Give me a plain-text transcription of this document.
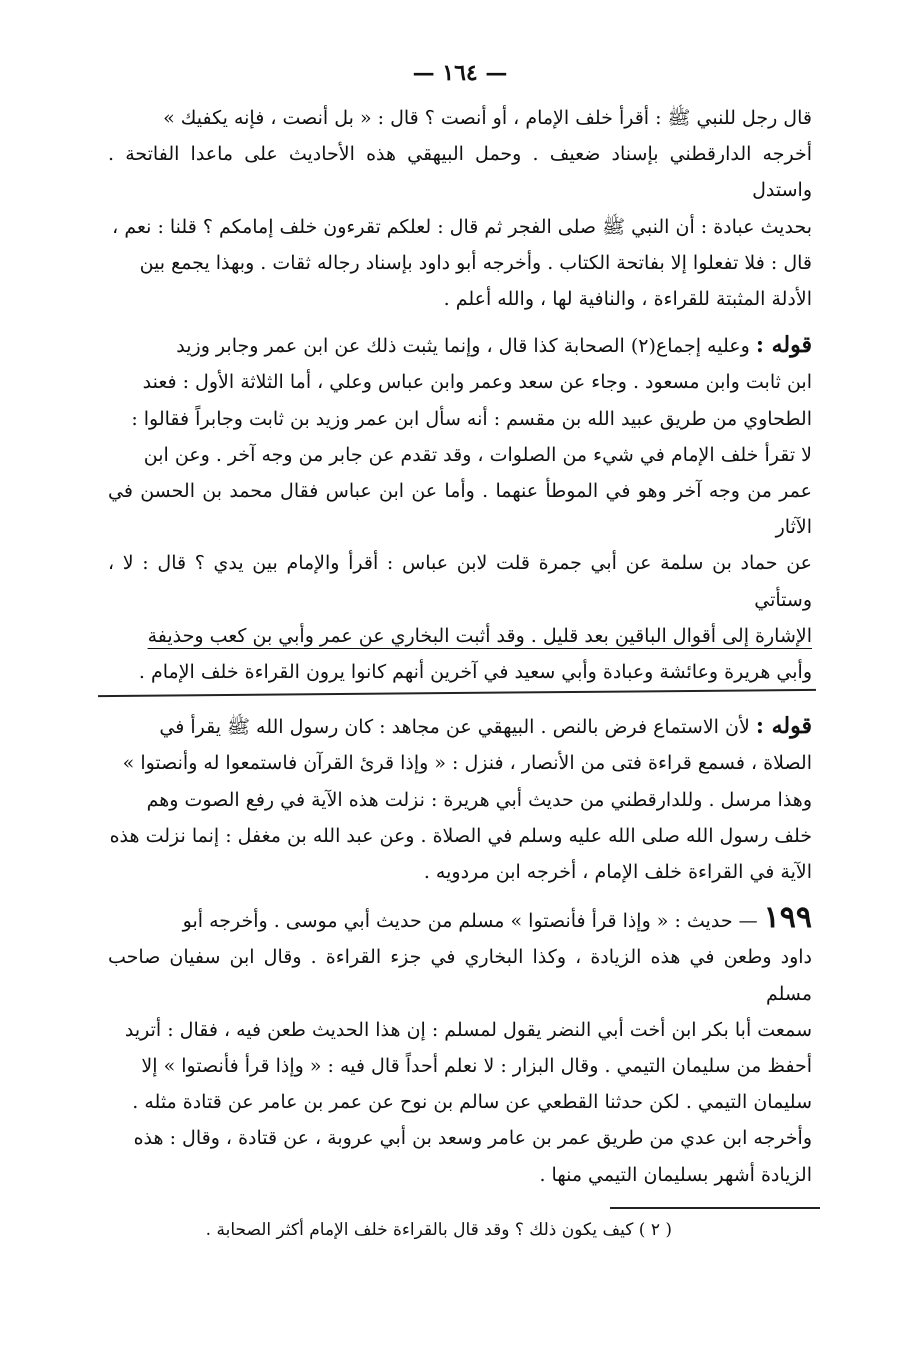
— ١٦٤ —

قال رجل للنبي ﷺ : أقرأ خلف الإمام ، أو أنصت ؟ قال : « بل أنصت ، فإنه يكفيك »
أخرجه الدارقطني بإسناد ضعيف . وحمل البيهقي هذه الأحاديث على ماعدا الفاتحة . واستدل
بحديث عبادة : أن النبي ﷺ صلى الفجر ثم قال : لعلكم تقرءون خلف إمامكم ؟ قلنا : نعم ،
قال : فلا تفعلوا إلا بفاتحة الكتاب . وأخرجه أبو داود بإسناد رجاله ثقات . وبهذا يجمع بين
الأدلة المثبتة للقراءة ، والنافية لها ، والله أعلم .

قوله : وعليه إجماع(٢) الصحابة كذا قال ، وإنما يثبت ذلك عن ابن عمر وجابر وزيد
ابن ثابت وابن مسعود . وجاء عن سعد وعمر وابن عباس وعلي ، أما الثلاثة الأول : فعند
الطحاوي من طريق عبيد الله بن مقسم : أنه سأل ابن عمر وزيد بن ثابت وجابراً فقالوا :
لا تقرأ خلف الإمام في شيء من الصلوات ، وقد تقدم عن جابر من وجه آخر . وعن ابن
عمر من وجه آخر وهو في الموطأ عنهما . وأما عن ابن عباس فقال محمد بن الحسن في الآثار
عن حماد بن سلمة عن أبي جمرة قلت لابن عباس : أقرأ والإمام بين يدي ؟ قال : لا ، وستأتي
الإشارة إلى أقوال الباقين بعد قليل . وقد أثبت البخاري عن عمر وأبي بن كعب وحذيفة
وأبي هريرة وعائشة وعبادة وأبي سعيد في آخرين أنهم كانوا يرون القراءة خلف الإمام .

قوله : لأن الاستماع فرض بالنص . البيهقي عن مجاهد : كان رسول الله ﷺ يقرأ في
الصلاة ، فسمع قراءة فتى من الأنصار ، فنزل : « وإذا قرئ القرآن فاستمعوا له وأنصتوا »
وهذا مرسل . وللدارقطني من حديث أبي هريرة : نزلت هذه الآية في رفع الصوت وهم
خلف رسول الله صلى الله عليه وسلم في الصلاة . وعن عبد الله بن مغفل : إنما نزلت هذه
الآية في القراءة خلف الإمام ، أخرجه ابن مردويه .

١٩٩ — حديث : « وإذا قرأ فأنصتوا » مسلم من حديث أبي موسى . وأخرجه أبو
داود وطعن في هذه الزيادة ، وكذا البخاري في جزء القراءة . وقال ابن سفيان صاحب مسلم
سمعت أبا بكر ابن أخت أبي النضر يقول لمسلم : إن هذا الحديث طعن فيه ، فقال : أتريد
أحفظ من سليمان التيمي . وقال البزار : لا نعلم أحداً قال فيه : « وإذا قرأ فأنصتوا » إلا
سليمان التيمي . لكن حدثنا القطعي عن سالم بن نوح عن عمر بن عامر عن قتادة مثله .
وأخرجه ابن عدي من طريق عمر بن عامر وسعد بن أبي عروبة ، عن قتادة ، وقال : هذه
الزيادة أشهر بسليمان التيمي منها .

( ٢ ) كيف يكون ذلك ؟ وقد قال بالقراءة خلف الإمام أكثر الصحابة .
